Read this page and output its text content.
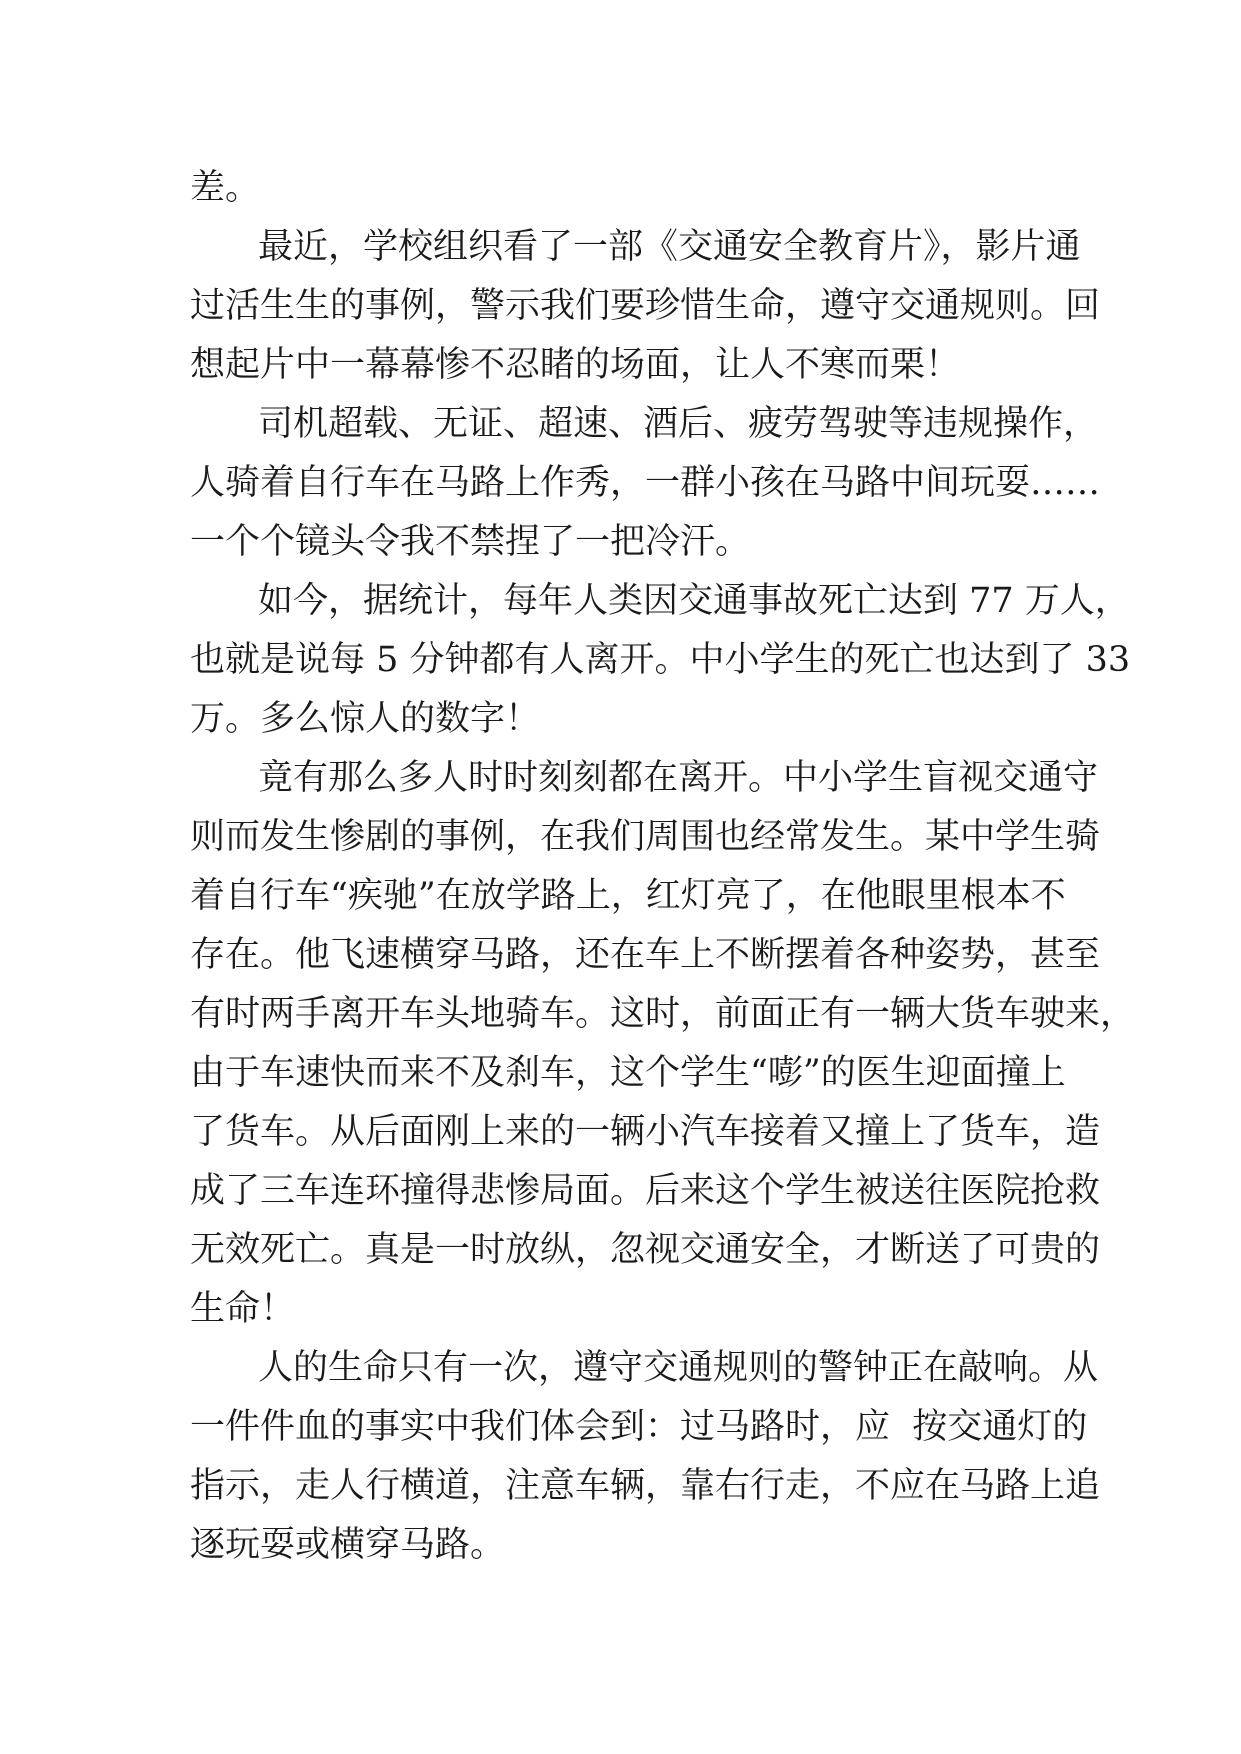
差。
最近，学校组织看了一部《交通安全教育片》，影片通
过活生生的事例，警示我们要珍惜生命，遵守交通规则。回
想起片中一幕幕惨不忍睹的场面，让人不寒而栗！
司机超载、无证、超速、酒后、疲劳驾驶等违规操作，
人骑着自行车在马路上作秀，一群小孩在马路中间玩耍……
一个个镜头令我不禁捏了一把冷汗。
如今，据统计，每年人类因交通事故死亡达到 77 万人，
也就是说每 5 分钟都有人离开。中小学生的死亡也达到了 33
万。多么惊人的数字！
竟有那么多人时时刻刻都在离开。中小学生盲视交通守
则而发生惨剧的事例，在我们周围也经常发生。某中学生骑
着自行车“疾驰”在放学路上，红灯亮了，在他眼里根本不
存在。他飞速横穿马路，还在车上不断摆着各种姿势，甚至
有时两手离开车头地骑车。这时，前面正有一辆大货车驶来，
由于车速快而来不及刹车，这个学生“嘭”的医生迎面撞上
了货车。从后面刚上来的一辆小汽车接着又撞上了货车，造
成了三车连环撞得悲惨局面。后来这个学生被送往医院抢救
无效死亡。真是一时放纵，忽视交通安全，才断送了可贵的
生命！
人的生命只有一次，遵守交通规则的警钟正在敲响。从
一件件血的事实中我们体会到：过马路时，应  按交通灯的
指示，走人行横道，注意车辆，靠右行走，不应在马路上追
逐玩耍或横穿马路。
